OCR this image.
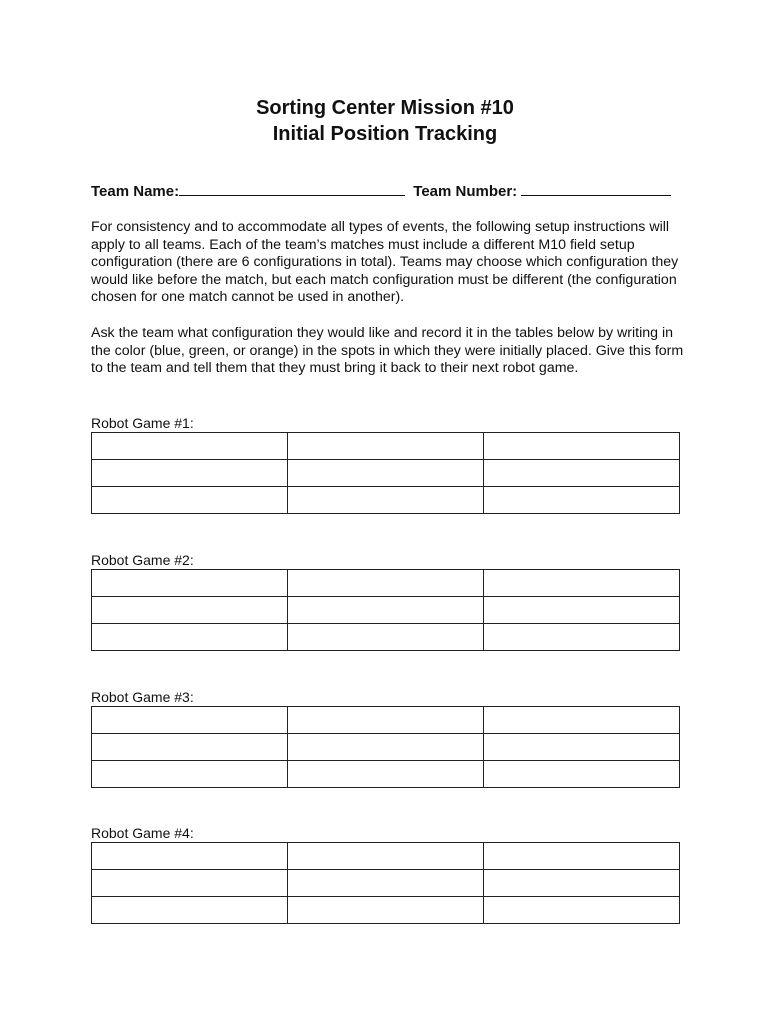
Sorting Center Mission #10
Initial Position Tracking
Team Name:	Team Number:
For consistency and to accommodate all types of events, the following setup instructions will apply to all teams. Each of the team’s matches must include a different M10 field setup configuration (there are 6 configurations in total). Teams may choose which configuration they would like before the match, but each match configuration must be different (the configuration chosen for one match cannot be used in another).
Ask the team what configuration they would like and record it in the tables below by writing in the color (blue, green, or orange) in the spots in which they were initially placed. Give this form to the team and tell them that they must bring it back to their next robot game.
Robot Game #1:

Robot Game #2:

Robot Game #3:

Robot Game #4:
